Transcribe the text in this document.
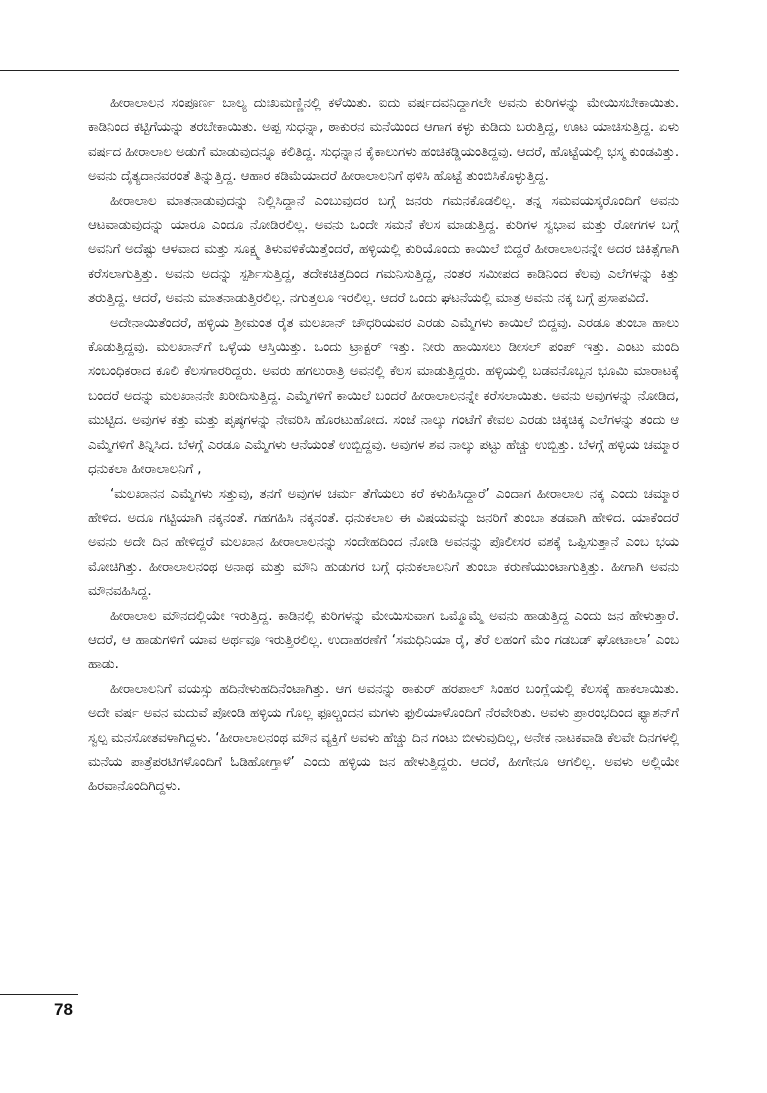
ಹೀರಾಲಾಲನ ಸಂಪೂರ್ಣ ಬಾಲ್ಯ ದುಃಖಮಣ್ಣಿನಲ್ಲಿ ಕಳೆಯಿತು. ಐದು ವರ್ಷದವನಿದ್ದಾಗಲೇ ಅವನು ಕುರಿಗಳನ್ನು ಮೇಯಿಸಬೇಕಾಯಿತು. ಕಾಡಿನಿಂದ ಕಟ್ಟಿಗೆಯನ್ನು ತರಬೇಕಾಯಿತು. ಅಪ್ಪ ಸುಧನ್ನಾ, ಠಾಕುರನ ಮನೆಯಿಂದ ಆಗಾಗ ಕಳ್ಳು ಕುಡಿದು ಬರುತ್ತಿದ್ದ, ಊಟ ಯಾಚಿಸುತ್ತಿದ್ದ. ಏಳು ವರ್ಷದ ಹೀರಾಲಾಲ ಅಡುಗೆ ಮಾಡುವುದನ್ನೂ ಕಲಿತಿದ್ದ. ಸುಧನ್ನಾನ ಕೈಕಾಲುಗಳು ಹಂಚಿಕಡ್ಡಿಯಂತಿದ್ದವು. ಆದರೆ, ಹೊಟ್ಟೆಯಲ್ಲಿ ಭಸ್ಮ ಕುಂಡವಿತ್ತು. ಅವನು ದೈತ್ಯದಾನವರಂತೆ ತಿನ್ನುತ್ತಿದ್ದ. ಆಹಾರ ಕಡಿಮೆಯಾದರೆ ಹೀರಾಲಾಲನಿಗೆ ಥಳಿಸಿ ಹೊಟ್ಟೆ ತುಂಬಿಸಿಕೊಳ್ಳುತ್ತಿದ್ದ.

ಹೀರಾಲಾಲ ಮಾತನಾಡುವುದನ್ನು ನಿಲ್ಲಿಸಿದ್ದಾನೆ ಎಂಬುವುದರ ಬಗ್ಗೆ ಜನರು ಗಮನಕೊಡಲಿಲ್ಲ. ತನ್ನ ಸಮವಯಸ್ಕರೊಂದಿಗೆ ಅವನು ಆಟವಾಡುವುದನ್ನು ಯಾರೂ ಎಂದೂ ನೋಡಿರಲಿಲ್ಲ. ಅವನು ಒಂದೇ ಸಮನೆ ಕೆಲಸ ಮಾಡುತ್ತಿದ್ದ. ಕುರಿಗಳ ಸ್ವಭಾವ ಮತ್ತು ರೋಗಗಳ ಬಗ್ಗೆ ಅವನಿಗೆ ಅದೆಷ್ಟು ಆಳವಾದ ಮತ್ತು ಸೂಕ್ಷ್ಮ ತಿಳುವಳಿಕೆಯಿತ್ತೆಂದರೆ, ಹಳ್ಳಿಯಲ್ಲಿ ಕುರಿಯೊಂದು ಕಾಯಿಲೆ ಬಿದ್ದರೆ ಹೀರಾಲಾಲನನ್ನೇ ಅದರ ಚಿಕಿತ್ಸೆಗಾಗಿ ಕರೆಸಲಾಗುತ್ತಿತ್ತು. ಅವನು ಅದನ್ನು ಸ್ಪರ್ಶಿಸುತ್ತಿದ್ದ, ತದೇಕಚಿತ್ತದಿಂದ ಗಮನಿಸುತ್ತಿದ್ದ, ನಂತರ ಸಮೀಪದ ಕಾಡಿನಿಂದ ಕೆಲವು ಎಲೆಗಳನ್ನು ಕಿತ್ತು ತರುತ್ತಿದ್ದ. ಆದರೆ, ಅವನು ಮಾತನಾಡುತ್ತಿರಲಿಲ್ಲ. ನಗುತ್ತಲೂ ಇರಲಿಲ್ಲ. ಆದರೆ ಒಂದು ಘಟನೆಯಲ್ಲಿ ಮಾತ್ರ ಅವನು ನಕ್ಕ ಬಗ್ಗೆ ಪ್ರಸಾಪವಿದೆ.

ಅದೇನಾಯಿತೆಂದರೆ, ಹಳ್ಳಿಯ ಶ್ರೀಮಂತ ರೈತ ಮಲಖಾನ್ ಚೌಧರಿಯವರ ಎರಡು ಎಮ್ಮೆಗಳು ಕಾಯಿಲೆ ಬಿದ್ದವು. ಎರಡೂ ತುಂಬಾ ಹಾಲು ಕೊಡುತ್ತಿದ್ದವು. ಮಲಖಾನ್‌ಗೆ ಒಳ್ಳೆಯ ಆಸ್ತಿಯಿತ್ತು. ಒಂದು ಟ್ರಾಕ್ಟರ್ ಇತ್ತು. ನೀರು ಹಾಯಿಸಲು ಡೀಸಲ್ ಪಂಪ್ ಇತ್ತು. ಎಂಟು ಮಂದಿ ಸಂಬಂಧಿಕರಾದ ಕೂಲಿ ಕೆಲಸಗಾರರಿದ್ದರು. ಅವರು ಹಗಲುರಾತ್ರಿ ಅವನಲ್ಲಿ ಕೆಲಸ ಮಾಡುತ್ತಿದ್ದರು. ಹಳ್ಳಿಯಲ್ಲಿ ಬಡವನೊಬ್ಬನ ಭೂಮಿ ಮಾರಾಟಕ್ಕೆ ಬಂದರೆ ಅದನ್ನು ಮಲಖಾನನೇ ಖರೀದಿಸುತ್ತಿದ್ದ. ಎಮ್ಮೆಗಳಿಗೆ ಕಾಯಿಲೆ ಬಂದರೆ ಹೀರಾಲಾಲನನ್ನೇ ಕರೆಸಲಾಯಿತು. ಅವನು ಅವುಗಳನ್ನು ನೋಡಿದ, ಮುಟ್ಟಿದ. ಅವುಗಳ ಕತ್ತು ಮತ್ತು ಪೃಷ್ಠಗಳನ್ನು ನೇವರಿಸಿ ಹೊರಟುಹೋದ. ಸಂಜೆ ನಾಲ್ಕು ಗಂಟೆಗೆ ಕೇವಲ ಎರಡು ಚಿಕ್ಕಚಿಕ್ಕ ಎಲೆಗಳನ್ನು ತಂದು ಆ ಎಮ್ಮೆಗಳಿಗೆ ತಿನ್ನಿಸಿದ. ಬೆಳಗ್ಗೆ ಎರಡೂ ಎಮ್ಮೆಗಳು ಆನೆಯಂತೆ ಉಬ್ಬಿದ್ದವು. ಅವುಗಳ ಶವ ನಾಲ್ಕು ಪಟ್ಟು ಹೆಚ್ಚು ಉಬ್ಬಿತ್ತು. ಬೆಳಗ್ಗೆ ಹಳ್ಳಿಯ ಚಮ್ಮಾರ ಧನುಕಲಾ ಹೀರಾಲಾಲನಿಗೆ ,

‘ಮಲಖಾನನ ಎಮ್ಮೆಗಳು ಸತ್ತುವು, ತನಗೆ ಅವುಗಳ ಚರ್ಮ ತೆಗೆಯಲು ಕರೆ ಕಳುಹಿಸಿದ್ದಾರೆ’ ಎಂದಾಗ ಹೀರಾಲಾಲ ನಕ್ಕ ಎಂದು ಚಮ್ಮಾರ ಹೇಳಿದ. ಅದೂ ಗಟ್ಟಿಯಾಗಿ ನಕ್ಕನಂತೆ. ಗಹಗಹಿಸಿ ನಕ್ಕನಂತೆ. ಧನುಕಲಾಲ ಈ ವಿಷಯವನ್ನು ಜನರಿಗೆ ತುಂಬಾ ತಡವಾಗಿ ಹೇಳಿದ. ಯಾಕೆಂದರೆ ಅವನು ಅದೇ ದಿನ ಹೇಳಿದ್ದರೆ ಮಲಖಾನ ಹೀರಾಲಾಲನನ್ನು ಸಂದೇಹದಿಂದ ನೋಡಿ ಅವನನ್ನು ಪೊಲೀಸರ ವಶಕ್ಕೆ ಒಪ್ಪಿಸುತ್ತಾನೆ ಎಂಬ ಭಯ ಮೋಚಿಗಿತ್ತು. ಹೀರಾಲಾಲನಂಥ ಅನಾಥ ಮತ್ತು ಮೌನಿ ಹುಡುಗರ ಬಗ್ಗೆ ಧನುಕಲಾಲನಿಗೆ ತುಂಬಾ ಕರುಣೆಯುಂಟಾಗುತ್ತಿತ್ತು. ಹೀಗಾಗಿ ಅವನು ಮೌನವಹಿಸಿದ್ದ.

ಹೀರಾಲಾಲ ಮೌನದಲ್ಲಿಯೇ ಇರುತ್ತಿದ್ದ. ಕಾಡಿನಲ್ಲಿ ಕುರಿಗಳನ್ನು ಮೇಯಿಸುವಾಗ ಒಮ್ಮೊಮ್ಮೆ ಅವನು ಹಾಡುತ್ತಿದ್ದ ಎಂದು ಜನ ಹೇಳುತ್ತಾರೆ. ಆದರೆ, ಆ ಹಾಡುಗಳಿಗೆ ಯಾವ ಅರ್ಥವೂ ಇರುತ್ತಿರಲಿಲ್ಲ. ಉದಾಹರಣೆಗೆ ‘ಸಮಧಿನಿಯಾ ರೈ, ತೆರೆ ಲಹಂಗೆ ಮೆಂ ಗಡಬಡ್ ಘೋಟಾಲಾ’ ಎಂಬ ಹಾಡು.

ಹೀರಾಲಾಲನಿಗೆ ವಯಸ್ಸು ಹದಿನೇಳುಹದಿನೆಂಟಾಗಿತ್ತು. ಆಗ ಅವನನ್ನು ಠಾಕುರ್ ಹರಪಾಲ್ ಸಿಂಹರ ಬಂಗ್ಲೆಯಲ್ಲಿ ಕೆಲಸಕ್ಕೆ ಹಾಕಲಾಯಿತು. ಅದೇ ವರ್ಷ ಅವನ ಮದುವೆ ಪೋಂಡಿ ಹಳ್ಳಿಯ ಗೊಲ್ಲ ಫೂಲ್ಚಂದನ ಮಗಳು ಫುಲಿಯಾಳೊಂದಿಗೆ ನೆರವೇರಿತು. ಅವಳು ಪ್ರಾರಂಭದಿಂದ ಫ್ಯಾಶನ್‌ಗೆ ಸ್ವಲ್ಪ ಮನಸೋತವಳಾಗಿದ್ದಳು. ‘ಹೀರಾಲಾಲನಂಥ ಮೌನ ವ್ಯಕ್ತಿಗೆ ಅವಳು ಹೆಚ್ಚು ದಿನ ಗಂಟು ಬೀಳುವುದಿಲ್ಲ, ಅನೇಕ ನಾಟಕವಾಡಿ ಕೆಲವೇ ದಿನಗಳಲ್ಲಿ ಮನೆಯ ಪಾತ್ರೆಪರಟಿಗಳೊಂದಿಗೆ ಓಡಿಹೋಗ್ತಾಳೆ’ ಎಂದು ಹಳ್ಳಿಯ ಜನ ಹೇಳುತ್ತಿದ್ದರು. ಆದರೆ, ಹೀಗೇನೂ ಆಗಲಿಲ್ಲ. ಅವಳು ಅಲ್ಲಿಯೇ ಹಿರವಾನೊಂದಿಗಿದ್ದಳು.

78
